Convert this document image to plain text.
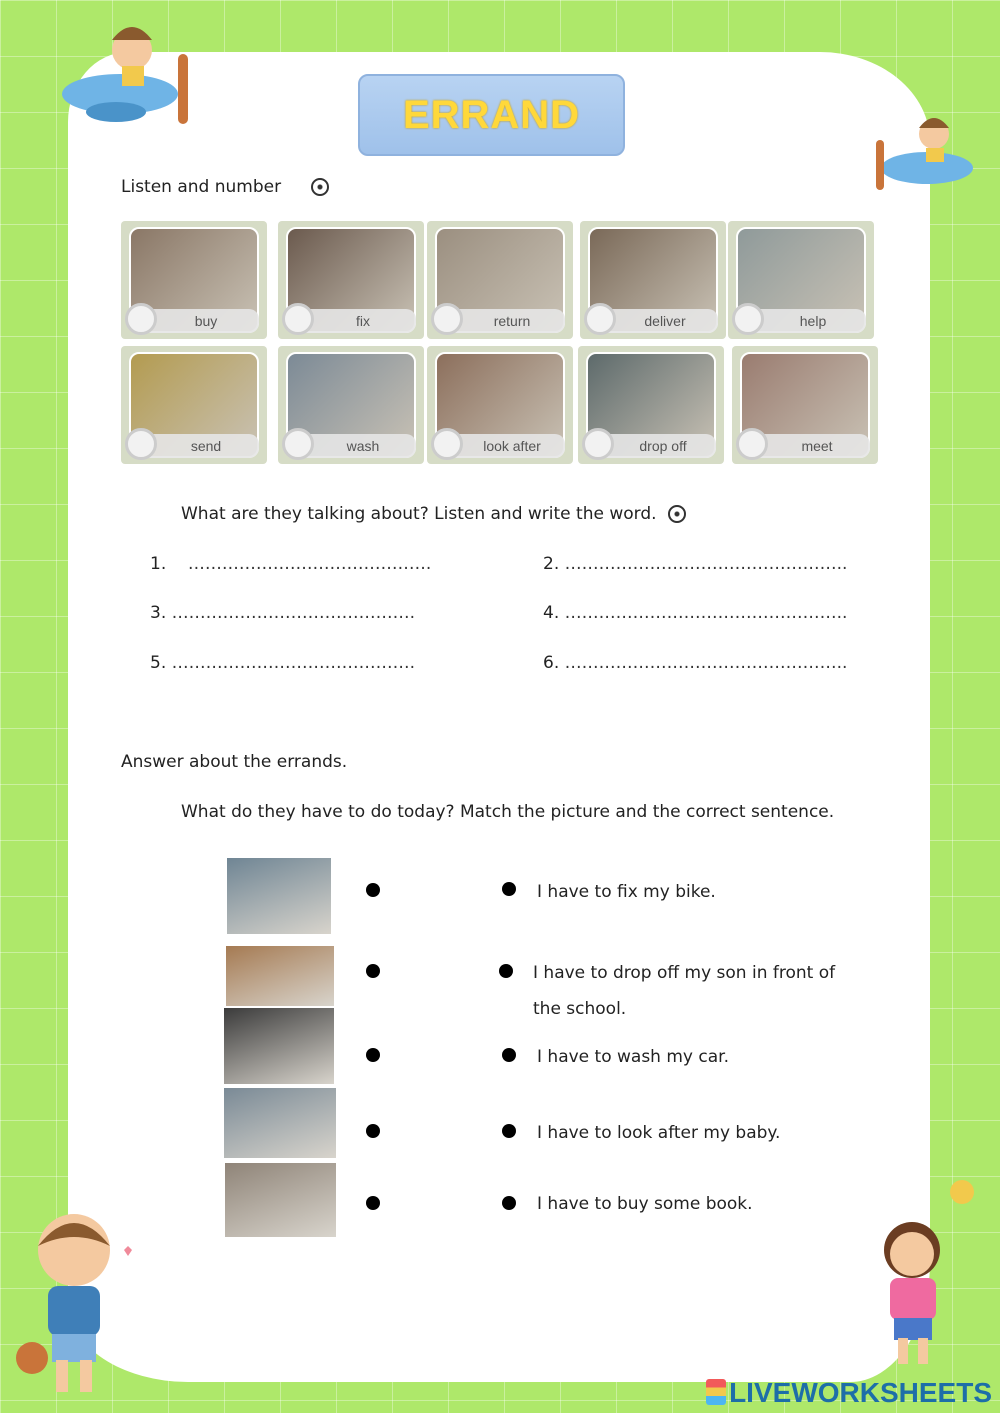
ERRAND
Listen and number
buy	fix	return	deliver	help
send	wash	look after	drop off	meet
What are they talking about? Listen and write the word.
1.    …………………………………….	2. …………………………………………..
3. …………………………………….	4. …………………………………………..
5. …………………………………….	6. …………………………………………..
Answer about the errands.
What do they have to do today? Match the picture and the correct sentence.
I have to fix my bike.
I have to drop off my son in front of
the school.
I have to wash my car.
I have to look after my baby.
I have to buy some book.
LIVEWORKSHEETS
